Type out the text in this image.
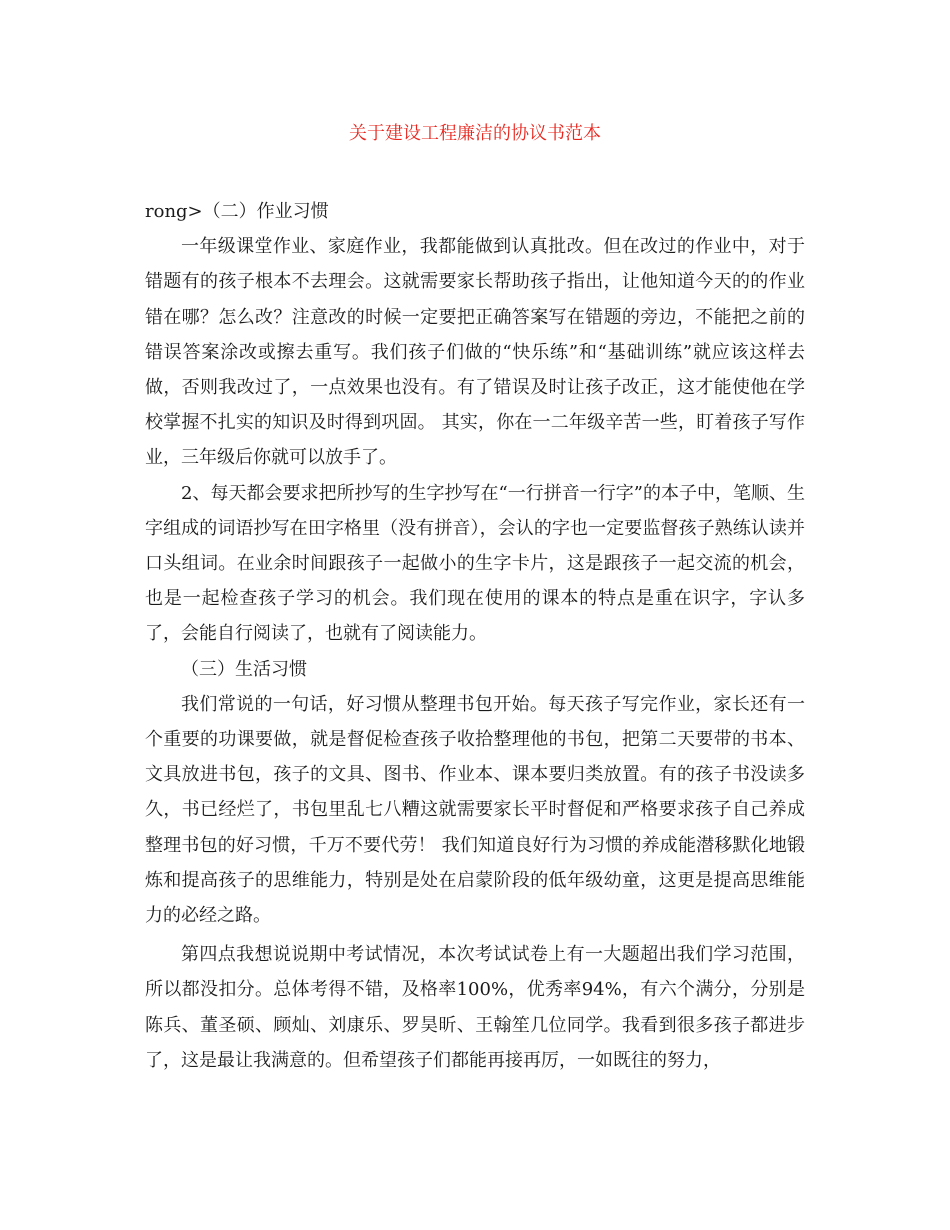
关于建设工程廉洁的协议书范本

rong>（二）作业习惯

一年级课堂作业、家庭作业，我都能做到认真批改。但在改过的作业中，对于错题有的孩子根本不去理会。这就需要家长帮助孩子指出，让他知道今天的的作业错在哪？怎么改？注意改的时候一定要把正确答案写在错题的旁边，不能把之前的错误答案涂改或擦去重写。我们孩子们做的“快乐练”和“基础训练”就应该这样去做，否则我改过了，一点效果也没有。有了错误及时让孩子改正，这才能使他在学校掌握不扎实的知识及时得到巩固。 其实，你在一二年级辛苦一些，盯着孩子写作业，三年级后你就可以放手了。

2、每天都会要求把所抄写的生字抄写在“一行拼音一行字”的本子中，笔顺、生字组成的词语抄写在田字格里（没有拼音），会认的字也一定要监督孩子熟练认读并口头组词。在业余时间跟孩子一起做小的生字卡片，这是跟孩子一起交流的机会，也是一起检查孩子学习的机会。我们现在使用的课本的特点是重在识字，字认多了，会能自行阅读了，也就有了阅读能力。

（三）生活习惯

我们常说的一句话，好习惯从整理书包开始。每天孩子写完作业，家长还有一个重要的功课要做，就是督促检查孩子收拾整理他的书包，把第二天要带的书本、文具放进书包，孩子的文具、图书、作业本、课本要归类放置。有的孩子书没读多久，书已经烂了，书包里乱七八糟这就需要家长平时督促和严格要求孩子自己养成整理书包的好习惯，千万不要代劳！ 我们知道良好行为习惯的养成能潜移默化地锻炼和提高孩子的思维能力，特别是处在启蒙阶段的低年级幼童，这更是提高思维能力的必经之路。

第四点我想说说期中考试情况，本次考试试卷上有一大题超出我们学习范围，所以都没扣分。总体考得不错，及格率100%，优秀率94%，有六个满分，分别是陈兵、董圣硕、顾灿、刘康乐、罗昊昕、王翰笙几位同学。我看到很多孩子都进步了，这是最让我满意的。但希望孩子们都能再接再厉，一如既往的努力，
